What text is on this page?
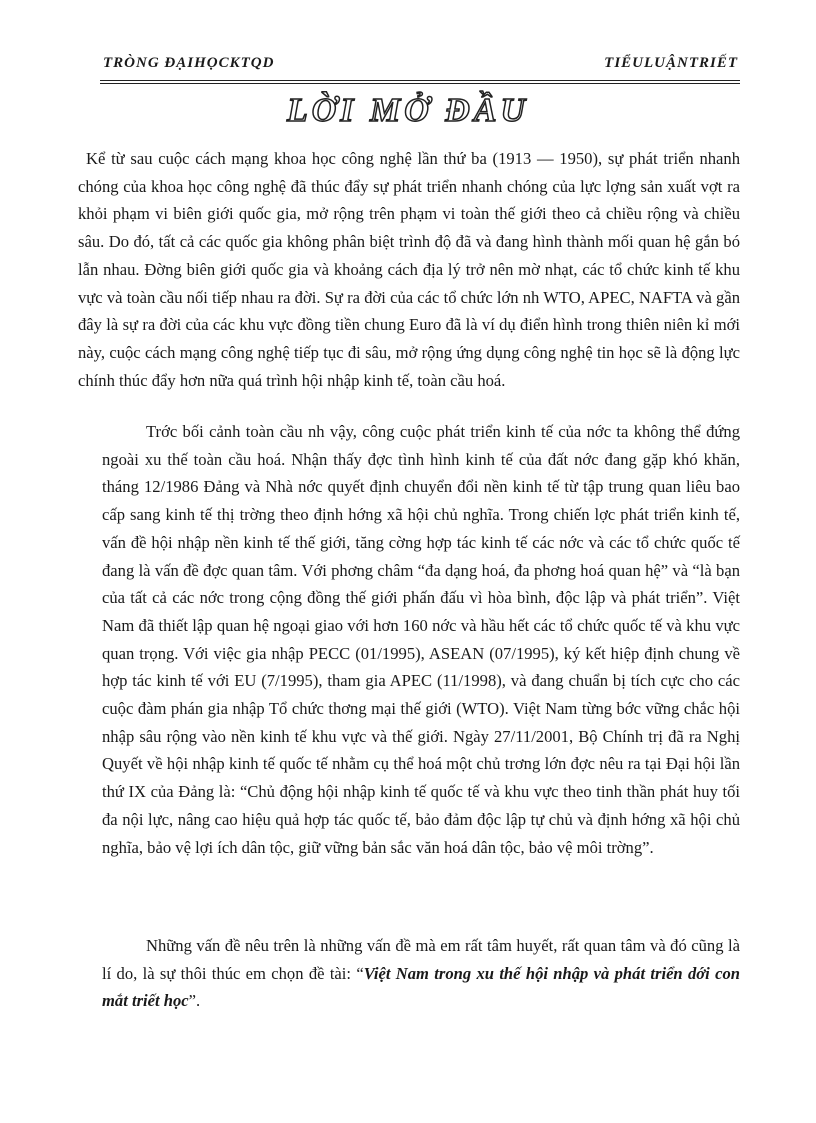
TRÒNG ĐẠIHỌCKTQD	TIỂULUẬNTRIẾT
LỜI MỞ ĐẦU

Kể từ sau cuộc cách mạng khoa học công nghệ lần thứ ba (1913 — 1950), sự phát triển nhanh chóng của khoa học công nghệ đã thúc đẩy sự phát triển nhanh chóng của lực lợng sản xuất vợt ra khỏi phạm vi biên giới quốc gia, mở rộng trên phạm vi toàn thế giới theo cả chiều rộng và chiều sâu. Do đó, tất cả các quốc gia không phân biệt trình độ đã và đang hình thành mối quan hệ gắn bó lẫn nhau. Đờng biên giới quốc gia và khoảng cách địa lý trở nên mờ nhạt, các tổ chức kinh tế khu vực và toàn cầu nối tiếp nhau ra đời. Sự ra đời của các tổ chức lớn nh WTO, APEC, NAFTA và gần đây là sự ra đời của các khu vực đồng tiền chung Euro đã là ví dụ điển hình trong thiên niên kỉ mới này, cuộc cách mạng công nghệ tiếp tục đi sâu, mở rộng ứng dụng công nghệ tin học sẽ là động lực chính thúc đẩy hơn nữa quá trình hội nhập kinh tế, toàn cầu hoá.

Trớc bối cảnh toàn cầu nh vậy, công cuộc phát triển kinh tế của nớc ta không thể đứng ngoài xu thế toàn cầu hoá. Nhận thấy đợc tình hình kinh tế của đất nớc đang gặp khó khăn, tháng 12/1986 Đảng và Nhà nớc quyết định chuyển đổi nền kinh tế từ tập trung quan liêu bao cấp sang kinh tế thị trờng theo định hớng xã hội chủ nghĩa. Trong chiến lợc phát triển kinh tế, vấn đề hội nhập nền kinh tế thế giới, tăng cờng hợp tác kinh tế các nớc và các tổ chức quốc tế đang là vấn đề đợc quan tâm. Với phơng châm “đa dạng hoá, đa phơng hoá quan hệ” và “là bạn của tất cả các nớc trong cộng đồng thế giới phấn đấu vì hòa bình, độc lập và phát triển”. Việt Nam đã thiết lập quan hệ ngoại giao với hơn 160 nớc và hầu hết các tổ chức quốc tế và khu vực quan trọng. Với việc gia nhập PECC (01/1995), ASEAN (07/1995), ký kết hiệp định chung về hợp tác kinh tế với EU (7/1995), tham gia APEC (11/1998), và đang chuẩn bị tích cực cho các cuộc đàm phán gia nhập Tổ chức thơng mại thế giới (WTO). Việt Nam từng bớc vững chắc hội nhập sâu rộng vào nền kinh tế khu vực và thế giới. Ngày 27/11/2001, Bộ Chính trị đã ra Nghị Quyết về hội nhập kinh tế quốc tế nhằm cụ thể hoá một chủ trơng lớn đợc nêu ra tại Đại hội lần thứ IX của Đảng là: “Chủ động hội nhập kinh tế quốc tế và khu vực theo tinh thần phát huy tối đa nội lực, nâng cao hiệu quả hợp tác quốc tế, bảo đảm độc lập tự chủ và định hớng xã hội chủ nghĩa, bảo vệ lợi ích dân tộc, giữ vững bản sắc văn hoá dân tộc, bảo vệ môi trờng”.

Những vấn đề nêu trên là những vấn đề mà em rất tâm huyết, rất quan tâm và đó cũng là lí do, là sự thôi thúc em chọn đề tài: “Việt Nam trong xu thế hội nhập và phát triển dới con mắt triết học”.
